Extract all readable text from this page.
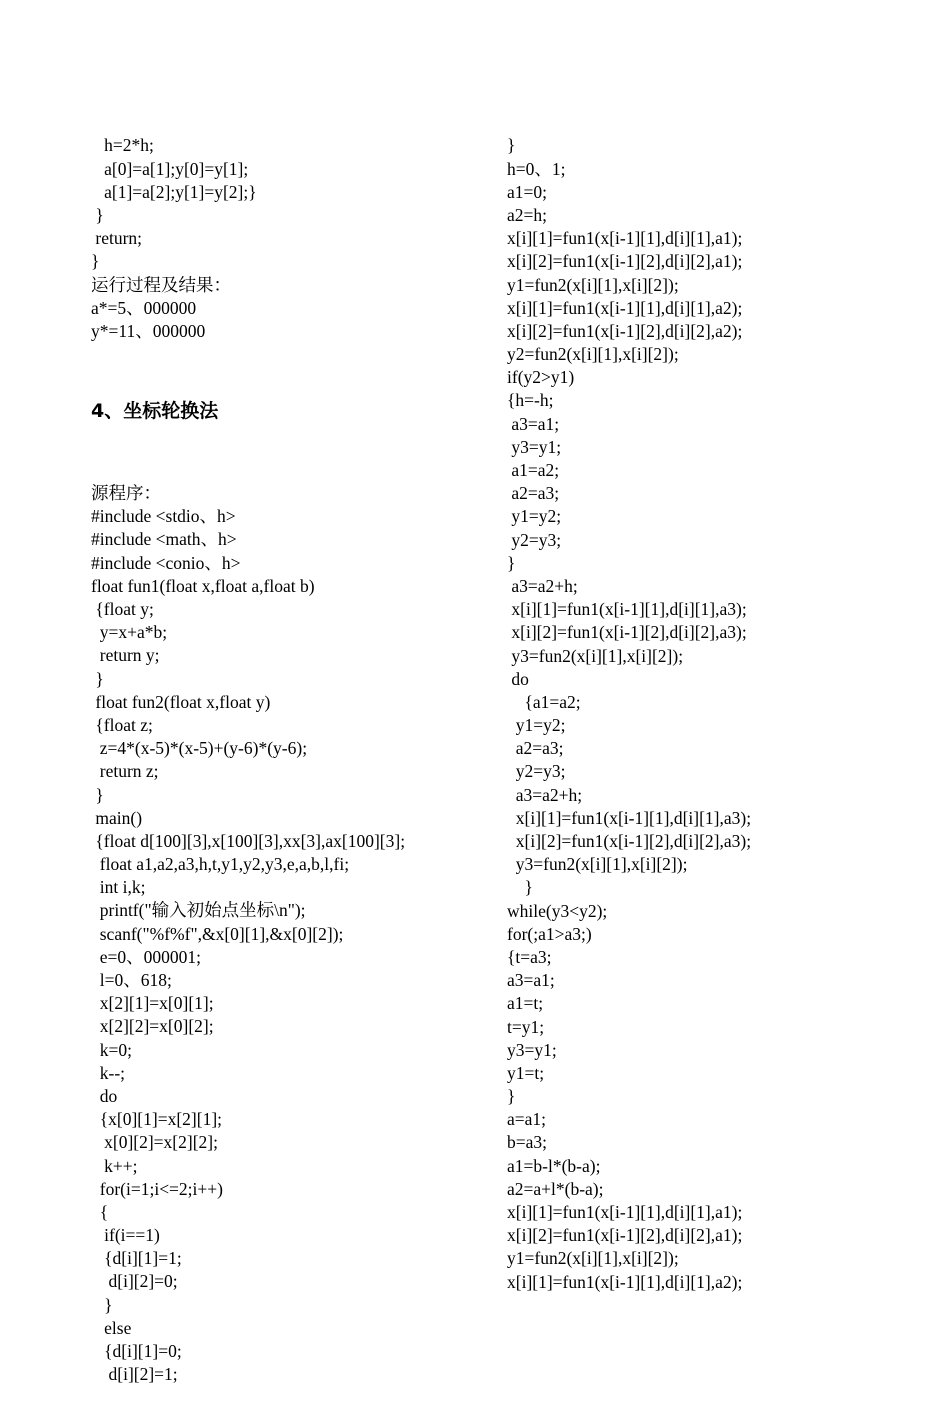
h=2*h;
a[0]=a[1];y[0]=y[1];
a[1]=a[2];y[1]=y[2];}
}
return;
}
运行过程及结果：
a*=5、000000
y*=11、000000

4、坐标轮换法

源程序：
#include <stdio、h>
#include <math、h>
#include <conio、h>
float fun1(float x,float a,float b)
{float y;
y=x+a*b;
return y;
}
float fun2(float x,float y)
{float z;
z=4*(x-5)*(x-5)+(y-6)*(y-6);
return z;
}
main()
{float d[100][3],x[100][3],xx[3],ax[100][3];
float a1,a2,a3,h,t,y1,y2,y3,e,a,b,l,fi;
int i,k;
printf("输入初始点坐标\n");
scanf("%f%f",&x[0][1],&x[0][2]);
e=0、000001;
l=0、618;
x[2][1]=x[0][1];
x[2][2]=x[0][2];
k=0;
k--;
do
{x[0][1]=x[2][1];
x[0][2]=x[2][2];
k++;
for(i=1;i<=2;i++)
{
if(i==1)
{d[i][1]=1;
d[i][2]=0;
}
else
{d[i][1]=0;
d[i][2]=1;

}
h=0、1;
a1=0;
a2=h;
x[i][1]=fun1(x[i-1][1],d[i][1],a1);
x[i][2]=fun1(x[i-1][2],d[i][2],a1);
y1=fun2(x[i][1],x[i][2]);
x[i][1]=fun1(x[i-1][1],d[i][1],a2);
x[i][2]=fun1(x[i-1][2],d[i][2],a2);
y2=fun2(x[i][1],x[i][2]);
if(y2>y1)
{h=-h;
a3=a1;
y3=y1;
a1=a2;
a2=a3;
y1=y2;
y2=y3;
}
a3=a2+h;
x[i][1]=fun1(x[i-1][1],d[i][1],a3);
x[i][2]=fun1(x[i-1][2],d[i][2],a3);
y3=fun2(x[i][1],x[i][2]);
do
{a1=a2;
y1=y2;
a2=a3;
y2=y3;
a3=a2+h;
x[i][1]=fun1(x[i-1][1],d[i][1],a3);
x[i][2]=fun1(x[i-1][2],d[i][2],a3);
y3=fun2(x[i][1],x[i][2]);
}
while(y3<y2);
for(;a1>a3;)
{t=a3;
a3=a1;
a1=t;
t=y1;
y3=y1;
y1=t;
}
a=a1;
b=a3;
a1=b-l*(b-a);
a2=a+l*(b-a);
x[i][1]=fun1(x[i-1][1],d[i][1],a1);
x[i][2]=fun1(x[i-1][2],d[i][2],a1);
y1=fun2(x[i][1],x[i][2]);
x[i][1]=fun1(x[i-1][1],d[i][1],a2);
